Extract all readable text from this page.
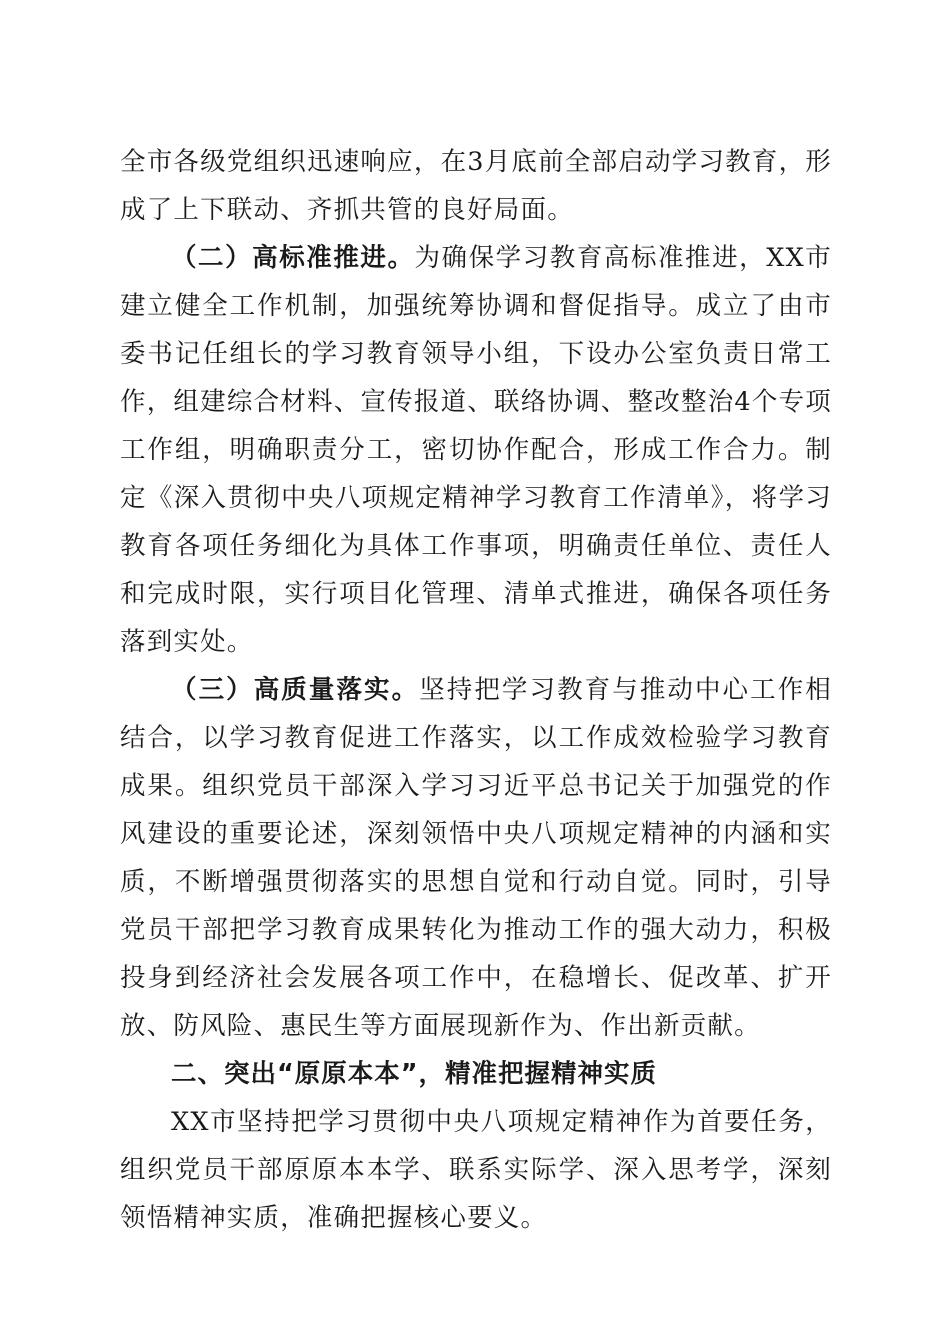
全市各级党组织迅速响应，在3月底前全部启动学习教育，形成了上下联动、齐抓共管的良好局面。

（二）高标准推进。为确保学习教育高标准推进，XX市建立健全工作机制，加强统筹协调和督促指导。成立了由市委书记任组长的学习教育领导小组，下设办公室负责日常工作，组建综合材料、宣传报道、联络协调、整改整治4个专项工作组，明确职责分工，密切协作配合，形成工作合力。制定《深入贯彻中央八项规定精神学习教育工作清单》，将学习教育各项任务细化为具体工作事项，明确责任单位、责任人和完成时限，实行项目化管理、清单式推进，确保各项任务落到实处。

（三）高质量落实。坚持把学习教育与推动中心工作相结合，以学习教育促进工作落实，以工作成效检验学习教育成果。组织党员干部深入学习习近平总书记关于加强党的作风建设的重要论述，深刻领悟中央八项规定精神的内涵和实质，不断增强贯彻落实的思想自觉和行动自觉。同时，引导党员干部把学习教育成果转化为推动工作的强大动力，积极投身到经济社会发展各项工作中，在稳增长、促改革、扩开放、防风险、惠民生等方面展现新作为、作出新贡献。

二、突出“原原本本”，精准把握精神实质

XX市坚持把学习贯彻中央八项规定精神作为首要任务，组织党员干部原原本本学、联系实际学、深入思考学，深刻领悟精神实质，准确把握核心要义。
